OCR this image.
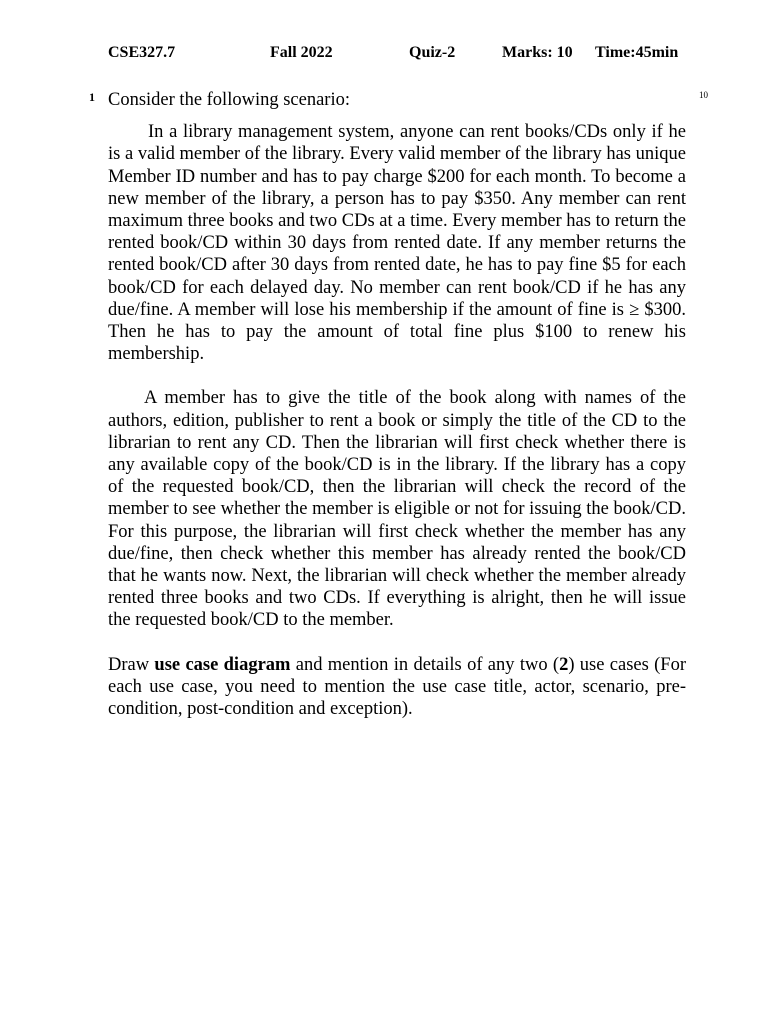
CSE327.7	Fall 2022	Quiz-2	Marks: 10 Time:45min
1	10

Consider the following scenario:

In a library management system, anyone can rent books/CDs only if he is a valid member of the library. Every valid member of the library has unique Member ID number and has to pay charge $200 for each month. To become a new member of the library, a person has to pay $350. Any member can rent maximum three books and two CDs at a time. Every member has to return the rented book/CD within 30 days from rented date. If any member returns the rented book/CD after 30 days from rented date, he has to pay fine $5 for each book/CD for each delayed day. No member can rent book/CD if he has any due/fine. A member will lose his membership if the amount of fine is ≥ $300. Then he has to pay the amount of total fine plus $100 to renew his membership.

A member has to give the title of the book along with names of the authors, edition, publisher to rent a book or simply the title of the CD to the librarian to rent any CD. Then the librarian will first check whether there is any available copy of the book/CD is in the library. If the library has a copy of the requested book/CD, then the librarian will check the record of the member to see whether the member is eligible or not for issuing the book/CD. For this purpose, the librarian will first check whether the member has any due/fine, then check whether this member has already rented the book/CD that he wants now. Next, the librarian will check whether the member already rented three books and two CDs. If everything is alright, then he will issue the requested book/CD to the member.

Draw use case diagram and mention in details of any two (2) use cases (For each use case, you need to mention the use case title, actor, scenario, pre-condition, post-condition and exception).
